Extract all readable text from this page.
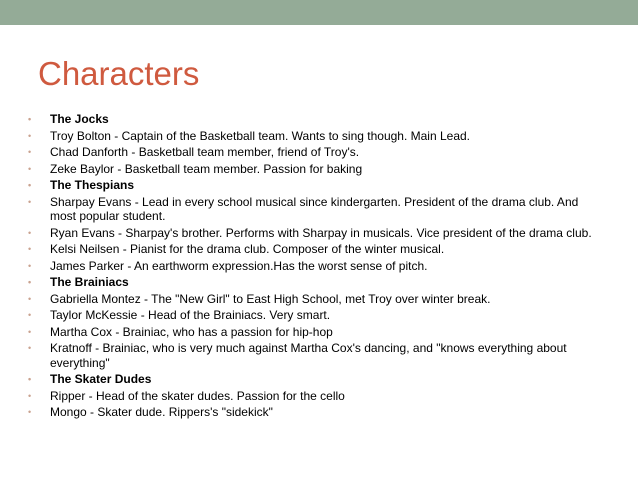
Characters
• The Jocks
• Troy Bolton - Captain of the Basketball team. Wants to sing though. Main Lead.
• Chad Danforth - Basketball team member, friend of Troy's.
• Zeke Baylor - Basketball team member. Passion for baking
• The Thespians
• Sharpay Evans - Lead in every school musical since kindergarten. President of the drama club. And most popular student.
• Ryan Evans - Sharpay's brother. Performs with Sharpay in musicals. Vice president of the drama club.
• Kelsi Neilsen - Pianist for the drama club. Composer of the winter musical.
• James Parker - An earthworm expression.Has the worst sense of pitch.
• The Brainiacs
• Gabriella Montez - The "New Girl" to East High School, met Troy over winter break.
• Taylor McKessie - Head of the Brainiacs. Very smart.
• Martha Cox - Brainiac, who has a passion for hip-hop
• Kratnoff - Brainiac, who is very much against Martha Cox's dancing, and "knows everything about everything"
• The Skater Dudes
• Ripper - Head of the skater dudes. Passion for the cello
• Mongo - Skater dude. Rippers's "sidekick"
